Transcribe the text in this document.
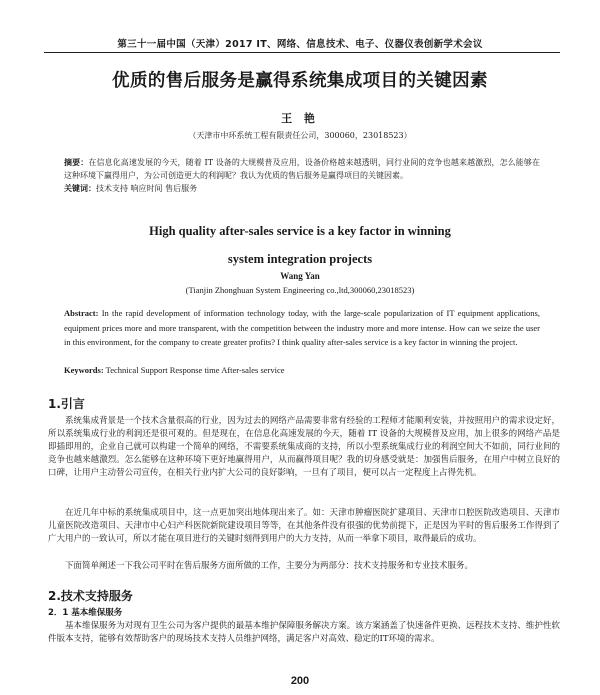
第三十一届中国（天津）2017 IT、网络、信息技术、电子、仪器仪表创新学术会议
优质的售后服务是赢得系统集成项目的关键因素
王 艳
（天津市中环系统工程有限责任公司，300060，23018523）
摘要：在信息化高速发展的今天，随着 IT 设备的大规模普及应用，设备价格越来越透明，同行业间的竞争也越来越激烈，怎么能够在这种环境下赢得用户，为公司创造更大的利润呢？我认为优质的售后服务是赢得项目的关键因素。
关键词：技术支持 响应时间 售后服务
High quality after-sales service is a key factor in winning
system integration projects
Wang Yan
(Tianjin Zhonghuan System Engineering co.,ltd,300060,23018523)
Abstract: In the rapid development of information technology today, with the large-scale popularization of IT equipment applications, equipment prices more and more transparent, with the competition between the industry more and more intense. How can we seize the user in this environment, for the company to create greater profits? I think quality after-sales service is a key factor in winning the project.
Keywords: Technical Support Response time After-sales service
1.引言
系统集成背景是一个技术含量很高的行业，因为过去的网络产品需要非常有经验的工程师才能顺利安装，并按照用户的需求设定好，所以系统集成行业的利润还是很可观的。但是现在，在信息化高速发展的今天，随着 IT 设备的大规模普及应用，加上很多的网络产品是即插即用的，企业自己就可以构建一个简单的网络，不需要系统集成商的支持，所以小型系统集成行业的利润空间大不如前，同行业间的竞争也越来越激烈。怎么能够在这种环境下更好地赢得用户，从而赢得项目呢？我的切身感受就是：加强售后服务，在用户中树立良好的口碑，让用户主动替公司宣传，在相关行业内扩大公司的良好影响，一旦有了项目，便可以占一定程度上占得先机。
在近几年中标的系统集成项目中，这一点更加突出地体现出来了。如：天津市肿瘤医院扩建项目、天津市口腔医院改造项目、天津市儿童医院改造项目、天津市中心妇产科医院新院建设项目等等，在其他条件没有很强的优势前提下，正是因为平时的售后服务工作得到了广大用户的一致认可，所以才能在项目进行的关键时刻得到用户的大力支持，从而一举拿下项目，取得最后的成功。
下面简单阐述一下我公司平时在售后服务方面所做的工作，主要分为两部分：技术支持服务和专业技术服务。
2.技术支持服务
2．1 基本维保服务
基本维保服务为对现有卫生公司为客户提供的最基本维护保障服务解决方案。该方案涵盖了快速备件更换、远程技术支持、维护性软件版本支持，能够有效帮助客户的现场技术支持人员维护网络，满足客户对高效、稳定的IT环境的需求。
200
